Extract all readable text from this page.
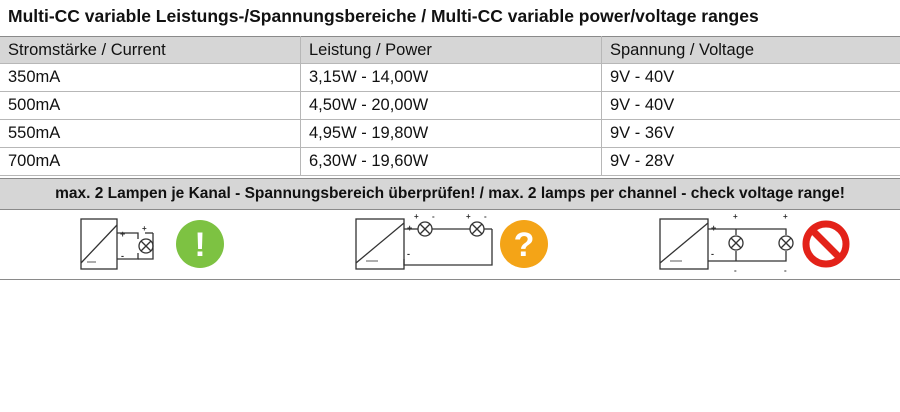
Multi-CC variable Leistungs-/Spannungsbereiche / Multi-CC variable power/voltage ranges
Stromstärke / Current	Leistung / Power	Spannung / Voltage
350mA	3,15W - 14,00W	9V - 40V
500mA	4,50W - 20,00W	9V - 40V
550mA	4,95W - 19,80W	9V - 36V
700mA	6,30W - 19,60W	9V - 28V
max. 2 Lampen je Kanal - Spannungsbereich überprüfen! / max. 2 lamps per channel - check voltage range!
+
-
+ !	+
-
+ -	+ -
?	+
-
+	+
-	-
